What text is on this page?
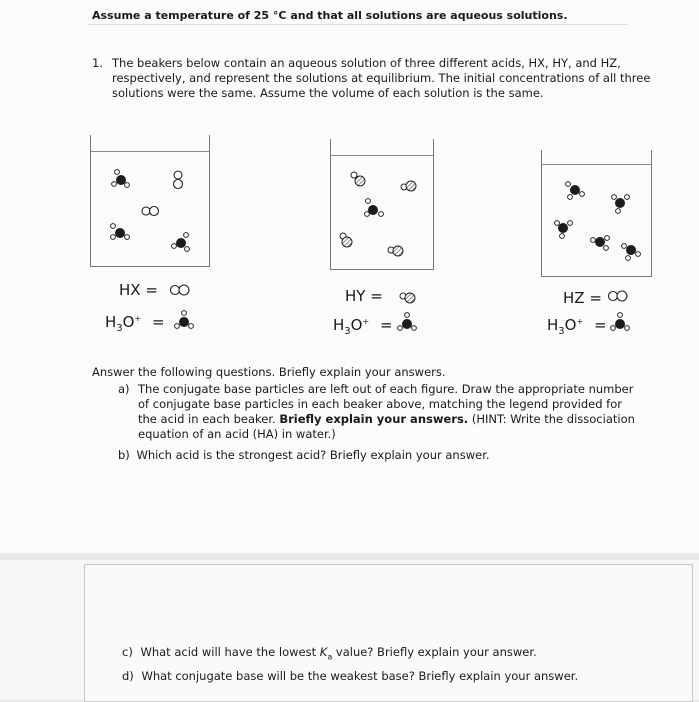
Assume a temperature of 25 °C and that all solutions are aqueous solutions.
1. The beakers below contain an aqueous solution of three different acids, HX, HY, and HZ, respectively, and represent the solutions at equilibrium. The initial concentrations of all three solutions were the same. Assume the volume of each solution is the same.
HX =	HY =	HZ =
$H_3O^+$ =	$H_3O^+$ =	$H_3O^+$ =
Answer the following questions. Briefly explain your answers.
a) The conjugate base particles are left out of each figure. Draw the appropriate number of conjugate base particles in each beaker above, matching the legend provided for the acid in each beaker. Briefly explain your answers. (HINT: Write the dissociation equation of an acid (HA) in water.)
b) Which acid is the strongest acid? Briefly explain your answer.
c) What acid will have the lowest $K_a$ value? Briefly explain your answer.
d) What conjugate base will be the weakest base? Briefly explain your answer.
